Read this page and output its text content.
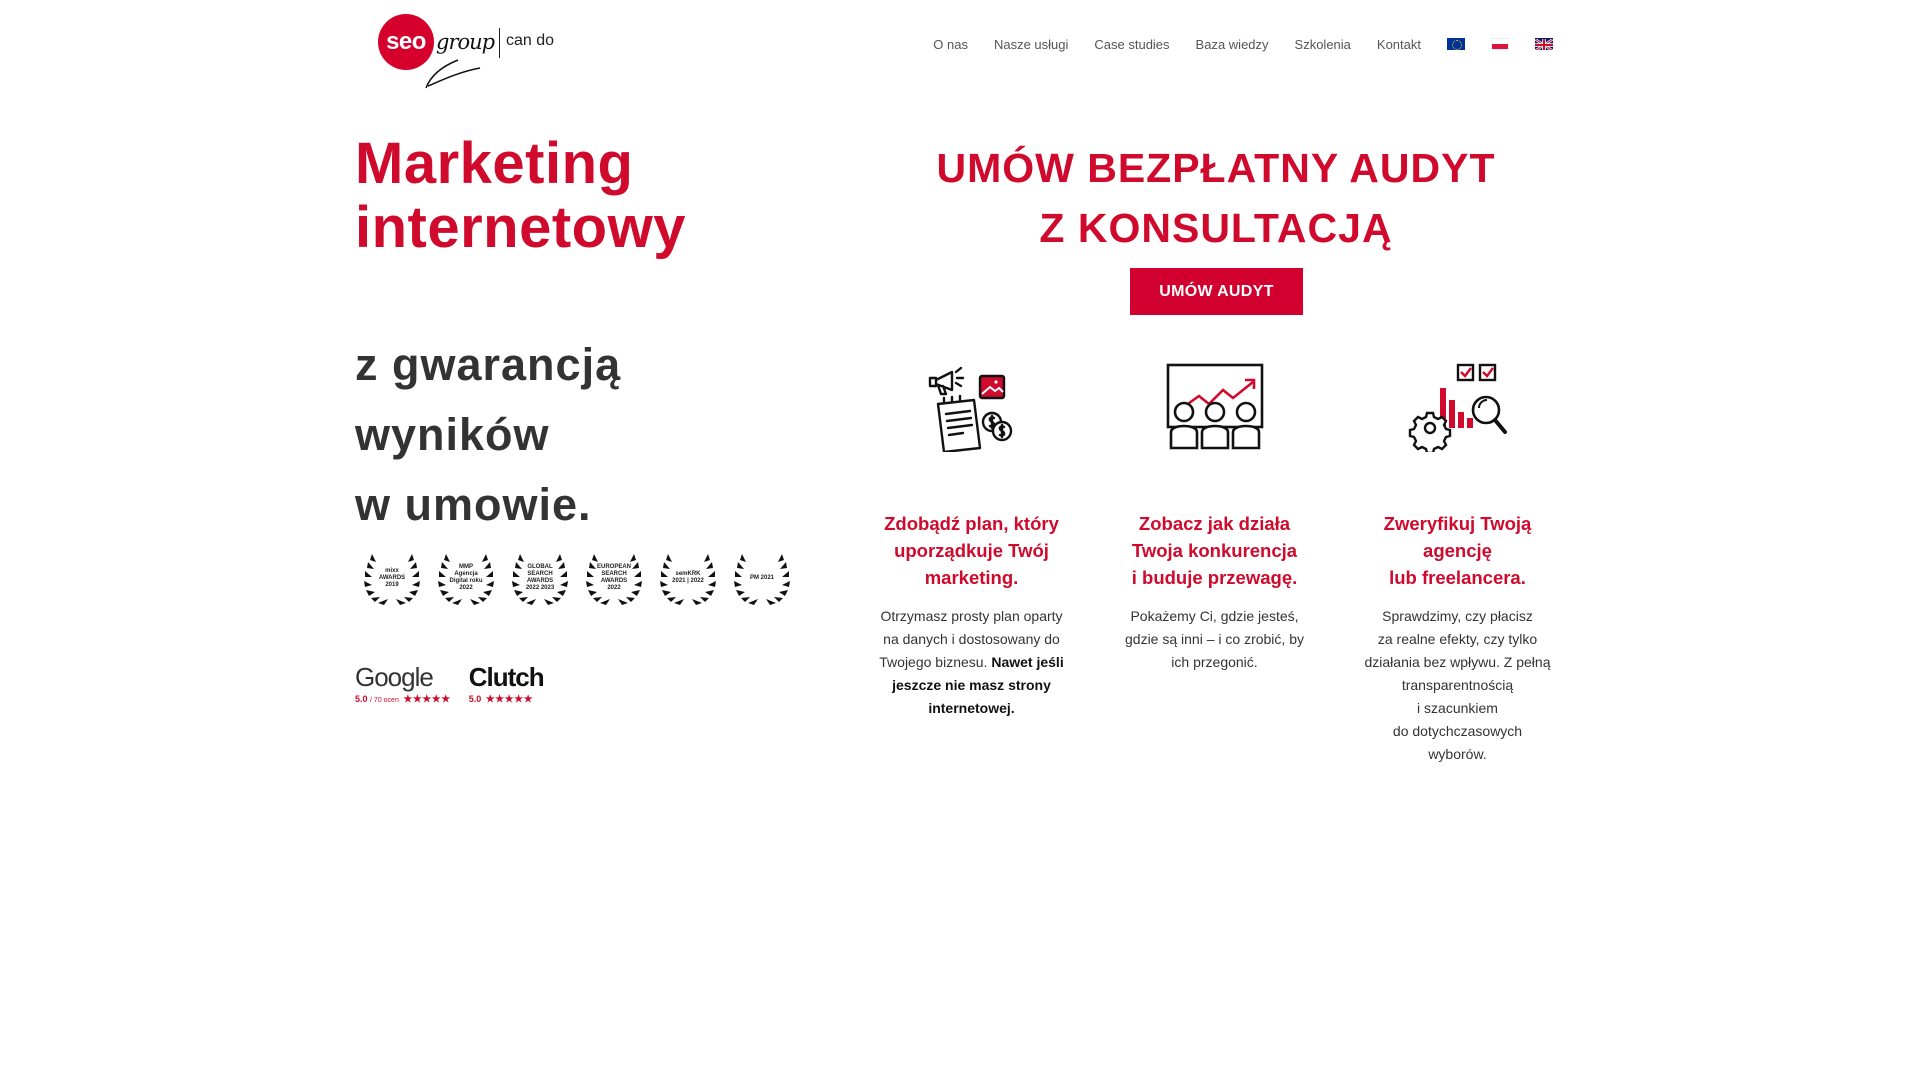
seo group can do	O nas Nasze usługi Case studies Baza wiedzy Szkolenia Kontakt
Marketing
internetowy
z gwarancją
wyników
w umowie.
mixx AWARDS 2019
MMP Agencja Digital roku 2022
GLOBAL SEARCH AWARDS 2022 2023
EUROPEAN SEARCH AWARDS 2022
semKRK 2021 | 2022
PM 2021
Google
5.0 / 70 ocen ★★★★★
Clutch
5.0 ★★★★★
UMÓW BEZPŁATNY AUDYT
Z KONSULTACJĄ
UMÓW AUDYT
Zdobądź plan, który uporządkuje Twój marketing.
Otrzymasz prosty plan oparty na danych i dostosowany do Twojego biznesu. Nawet jeśli jeszcze nie masz strony internetowej.
Zobacz jak działa
Twoja konkurencja
i buduje przewagę.
Pokażemy Ci, gdzie jesteś, gdzie są inni – i co zrobić, by ich przegonić.
Zweryfikuj Twoją agencję
lub freelancera.
Sprawdzimy, czy płacisz
za realne efekty, czy tylko
działania bez wpływu. Z pełną
transparentnością
i szacunkiem
do dotychczasowych
wyborów.
